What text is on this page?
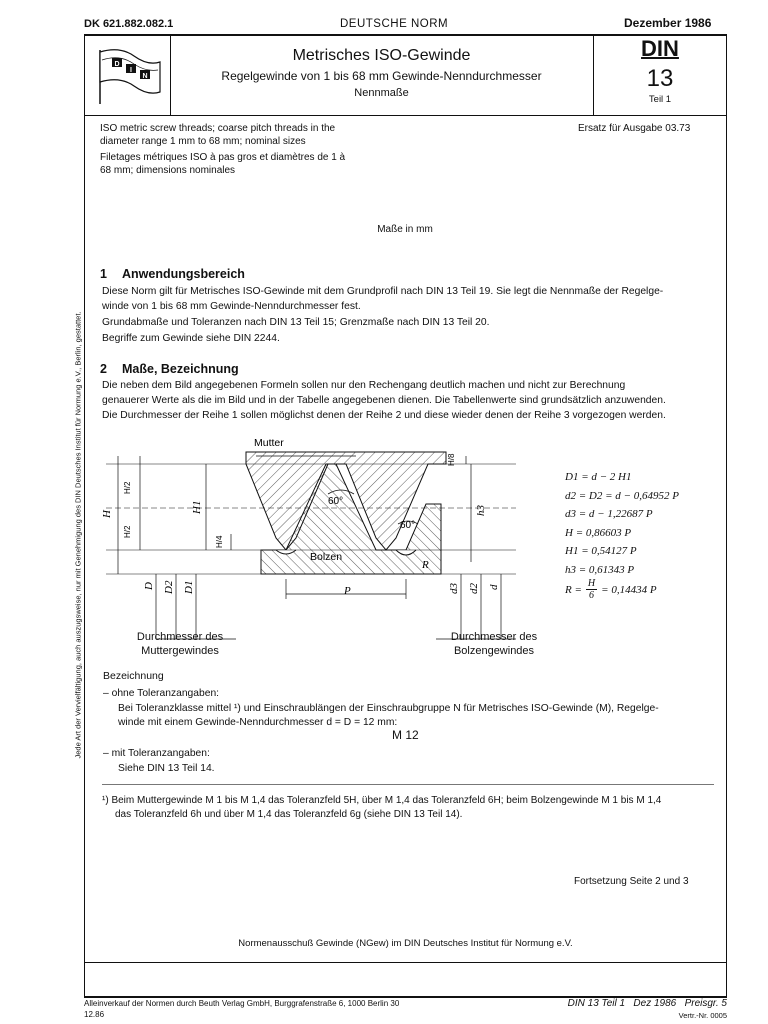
DK 621.882.082.1	DEUTSCHE NORM	Dezember 1986
D
I
N
Metrisches ISO-Gewinde
Regelgewinde von 1 bis 68 mm Gewinde-Nenndurchmesser
Nennmaße
DIN
13
Teil 1
ISO metric screw threads; coarse pitch threads in the
diameter range 1 mm to 68 mm; nominal sizes
Filetages métriques ISO à pas gros et diamètres de 1 à
68 mm; dimensions nominales
Ersatz für Ausgabe 03.73
Maße in mm
Jede Art der Vervielfältigung, auch auszugsweise, nur mit Genehmigung des DIN Deutsches Institut für Normung e.V., Berlin, gestattet.
1 Anwendungsbereich
Diese Norm gilt für Metrisches ISO-Gewinde mit dem Grundprofil nach DIN 13 Teil 19. Sie legt die Nennmaße der Regelge-
winde von 1 bis 68 mm Gewinde-Nenndurchmesser fest.
Grundabmaße und Toleranzen nach DIN 13 Teil 15; Grenzmaße nach DIN 13 Teil 20.
Begriffe zum Gewinde siehe DIN 2244.
2 Maße, Bezeichnung
Die neben dem Bild angegebenen Formeln sollen nur den Rechengang deutlich machen und nicht zur Berechnung
genauerer Werte als die im Bild und in der Tabelle angegebenen dienen. Die Tabellenwerte sind grundsätzlich anzuwenden.
Die Durchmesser der Reihe 1 sollen möglichst denen der Reihe 2 und diese wieder denen der Reihe 3 vorgezogen werden.
Mutter
Bolzen
60°
60°
H/8
H/2
H/2
H/4
H
H1	h3
R
P
D D2 D1	d3 d2 d
Durchmesser des
Muttergewindes
Durchmesser des
Bolzengewindes
D1 = d − 2 H1
d2 = D2 = d − 0,64952 P
d3 = d − 1,22687 P
H = 0,86603 P
H1 = 0,54127 P
h3 = 0,61343 P
$R = \frac{H}{6} = 0,14434$ P
Bezeichnung
– ohne Toleranzangaben:
Bei Toleranzklasse mittel ¹) und Einschraublängen der Einschraubgruppe N für Metrisches ISO-Gewinde (M), Regelge-
winde mit einem Gewinde-Nenndurchmesser d = D = 12 mm:
M 12
– mit Toleranzangaben:
Siehe DIN 13 Teil 14.
¹) Beim Muttergewinde M 1 bis M 1,4 das Toleranzfeld 5H, über M 1,4 das Toleranzfeld 6H; beim Bolzengewinde M 1 bis M 1,4
das Toleranzfeld 6h und über M 1,4 das Toleranzfeld 6g (siehe DIN 13 Teil 14).
Fortsetzung Seite 2 und 3
Normenausschuß Gewinde (NGew) im DIN Deutsches Institut für Normung e.V.
Alleinverkauf der Normen durch Beuth Verlag GmbH, Burggrafenstraße 6, 1000 Berlin 30
12.86
DIN 13 Teil 1   Dez 1986   Preisgr. 5
Vertr.-Nr. 0005
